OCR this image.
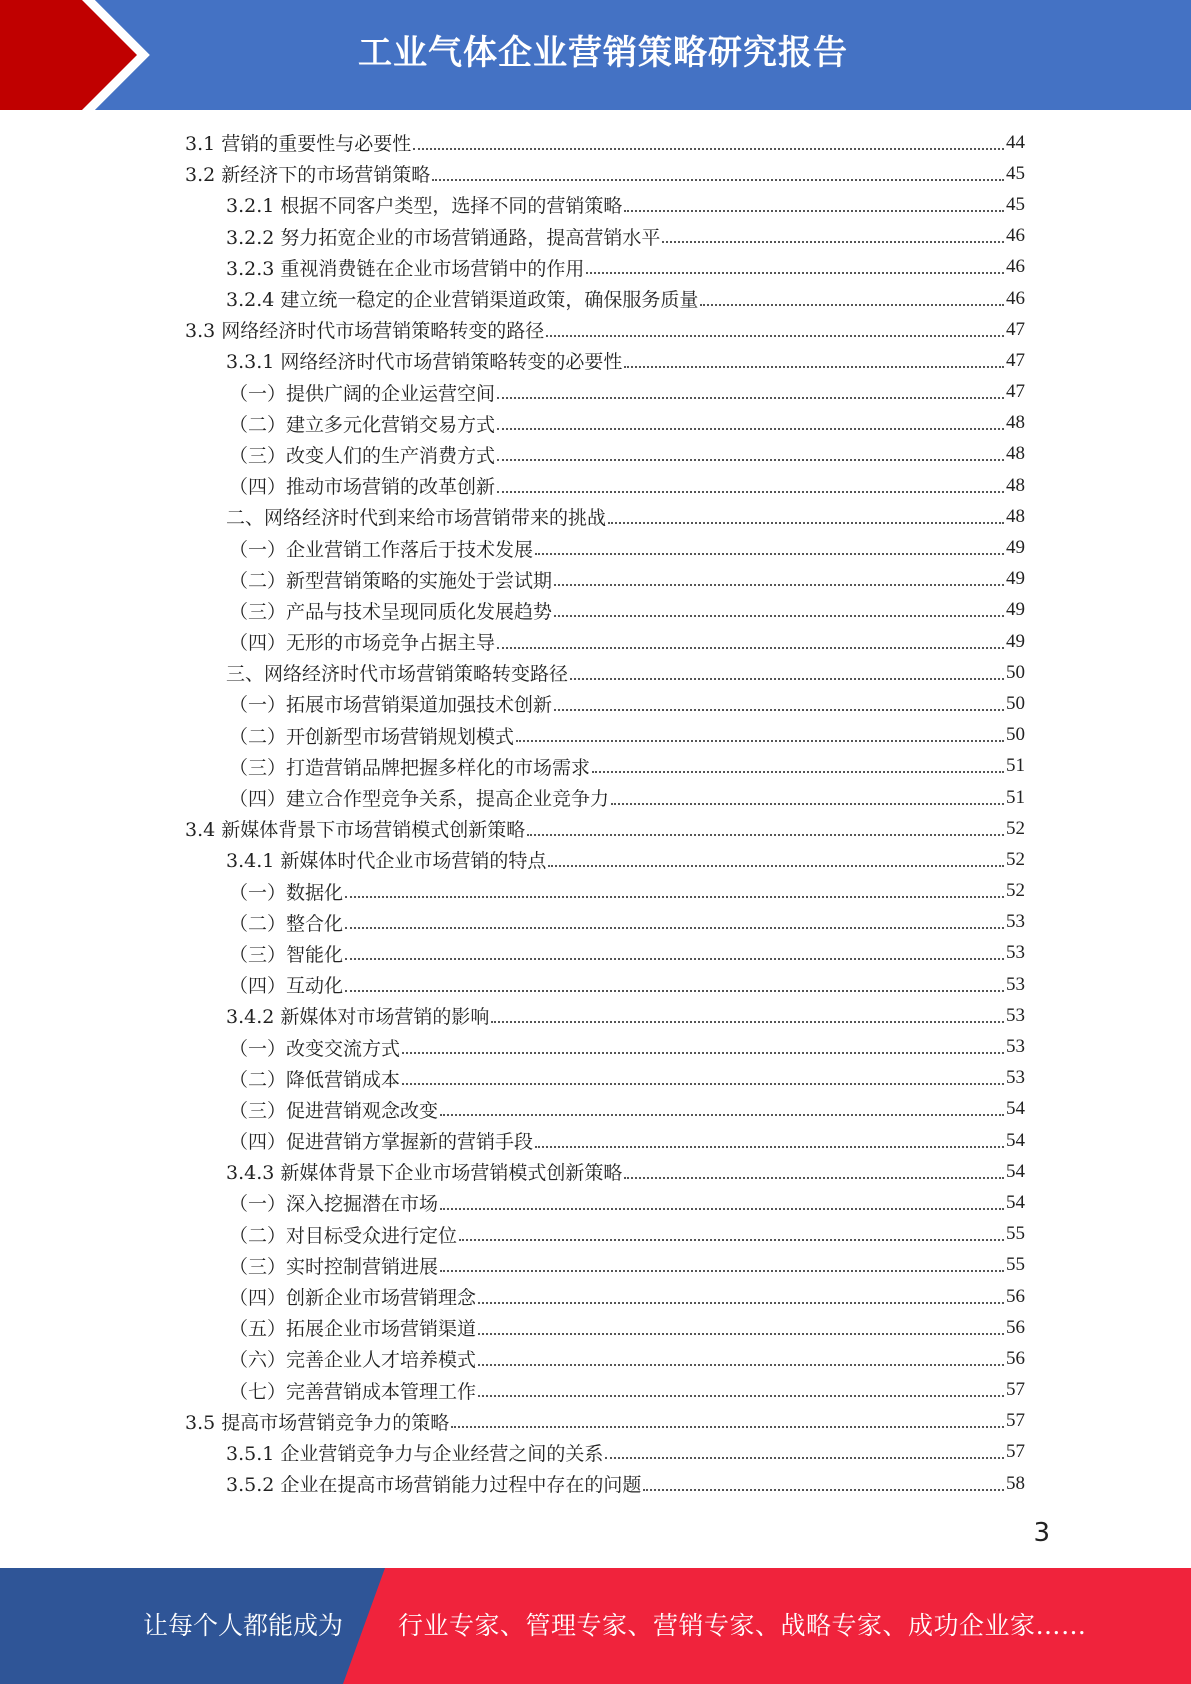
工业气体企业营销策略研究报告
3.1 营销的重要性与必要性	44
3.2 新经济下的市场营销策略	45
3.2.1 根据不同客户类型，选择不同的营销策略	45
3.2.2 努力拓宽企业的市场营销通路，提高营销水平	46
3.2.3 重视消费链在企业市场营销中的作用	46
3.2.4 建立统一稳定的企业营销渠道政策，确保服务质量	46
3.3 网络经济时代市场营销策略转变的路径	47
3.3.1 网络经济时代市场营销策略转变的必要性	47
（一）提供广阔的企业运营空间	47
（二）建立多元化营销交易方式	48
（三）改变人们的生产消费方式	48
（四）推动市场营销的改革创新	48
二、网络经济时代到来给市场营销带来的挑战	48
（一）企业营销工作落后于技术发展	49
（二）新型营销策略的实施处于尝试期	49
（三）产品与技术呈现同质化发展趋势	49
（四）无形的市场竞争占据主导	49
三、网络经济时代市场营销策略转变路径	50
（一）拓展市场营销渠道加强技术创新	50
（二）开创新型市场营销规划模式	50
（三）打造营销品牌把握多样化的市场需求	51
（四）建立合作型竞争关系，提高企业竞争力	51
3.4 新媒体背景下市场营销模式创新策略	52
3.4.1 新媒体时代企业市场营销的特点	52
（一）数据化	52
（二）整合化	53
（三）智能化	53
（四）互动化	53
3.4.2 新媒体对市场营销的影响	53
（一）改变交流方式	53
（二）降低营销成本	53
（三）促进营销观念改变	54
（四）促进营销方掌握新的营销手段	54
3.4.3 新媒体背景下企业市场营销模式创新策略	54
（一）深入挖掘潜在市场	54
（二）对目标受众进行定位	55
（三）实时控制营销进展	55
（四）创新企业市场营销理念	56
（五）拓展企业市场营销渠道	56
（六）完善企业人才培养模式	56
（七）完善营销成本管理工作	57
3.5 提高市场营销竞争力的策略	57
3.5.1 企业营销竞争力与企业经营之间的关系	57
3.5.2 企业在提高市场营销能力过程中存在的问题	58
3
让每个人都能成为 行业专家、管理专家、营销专家、战略专家、成功企业家……
